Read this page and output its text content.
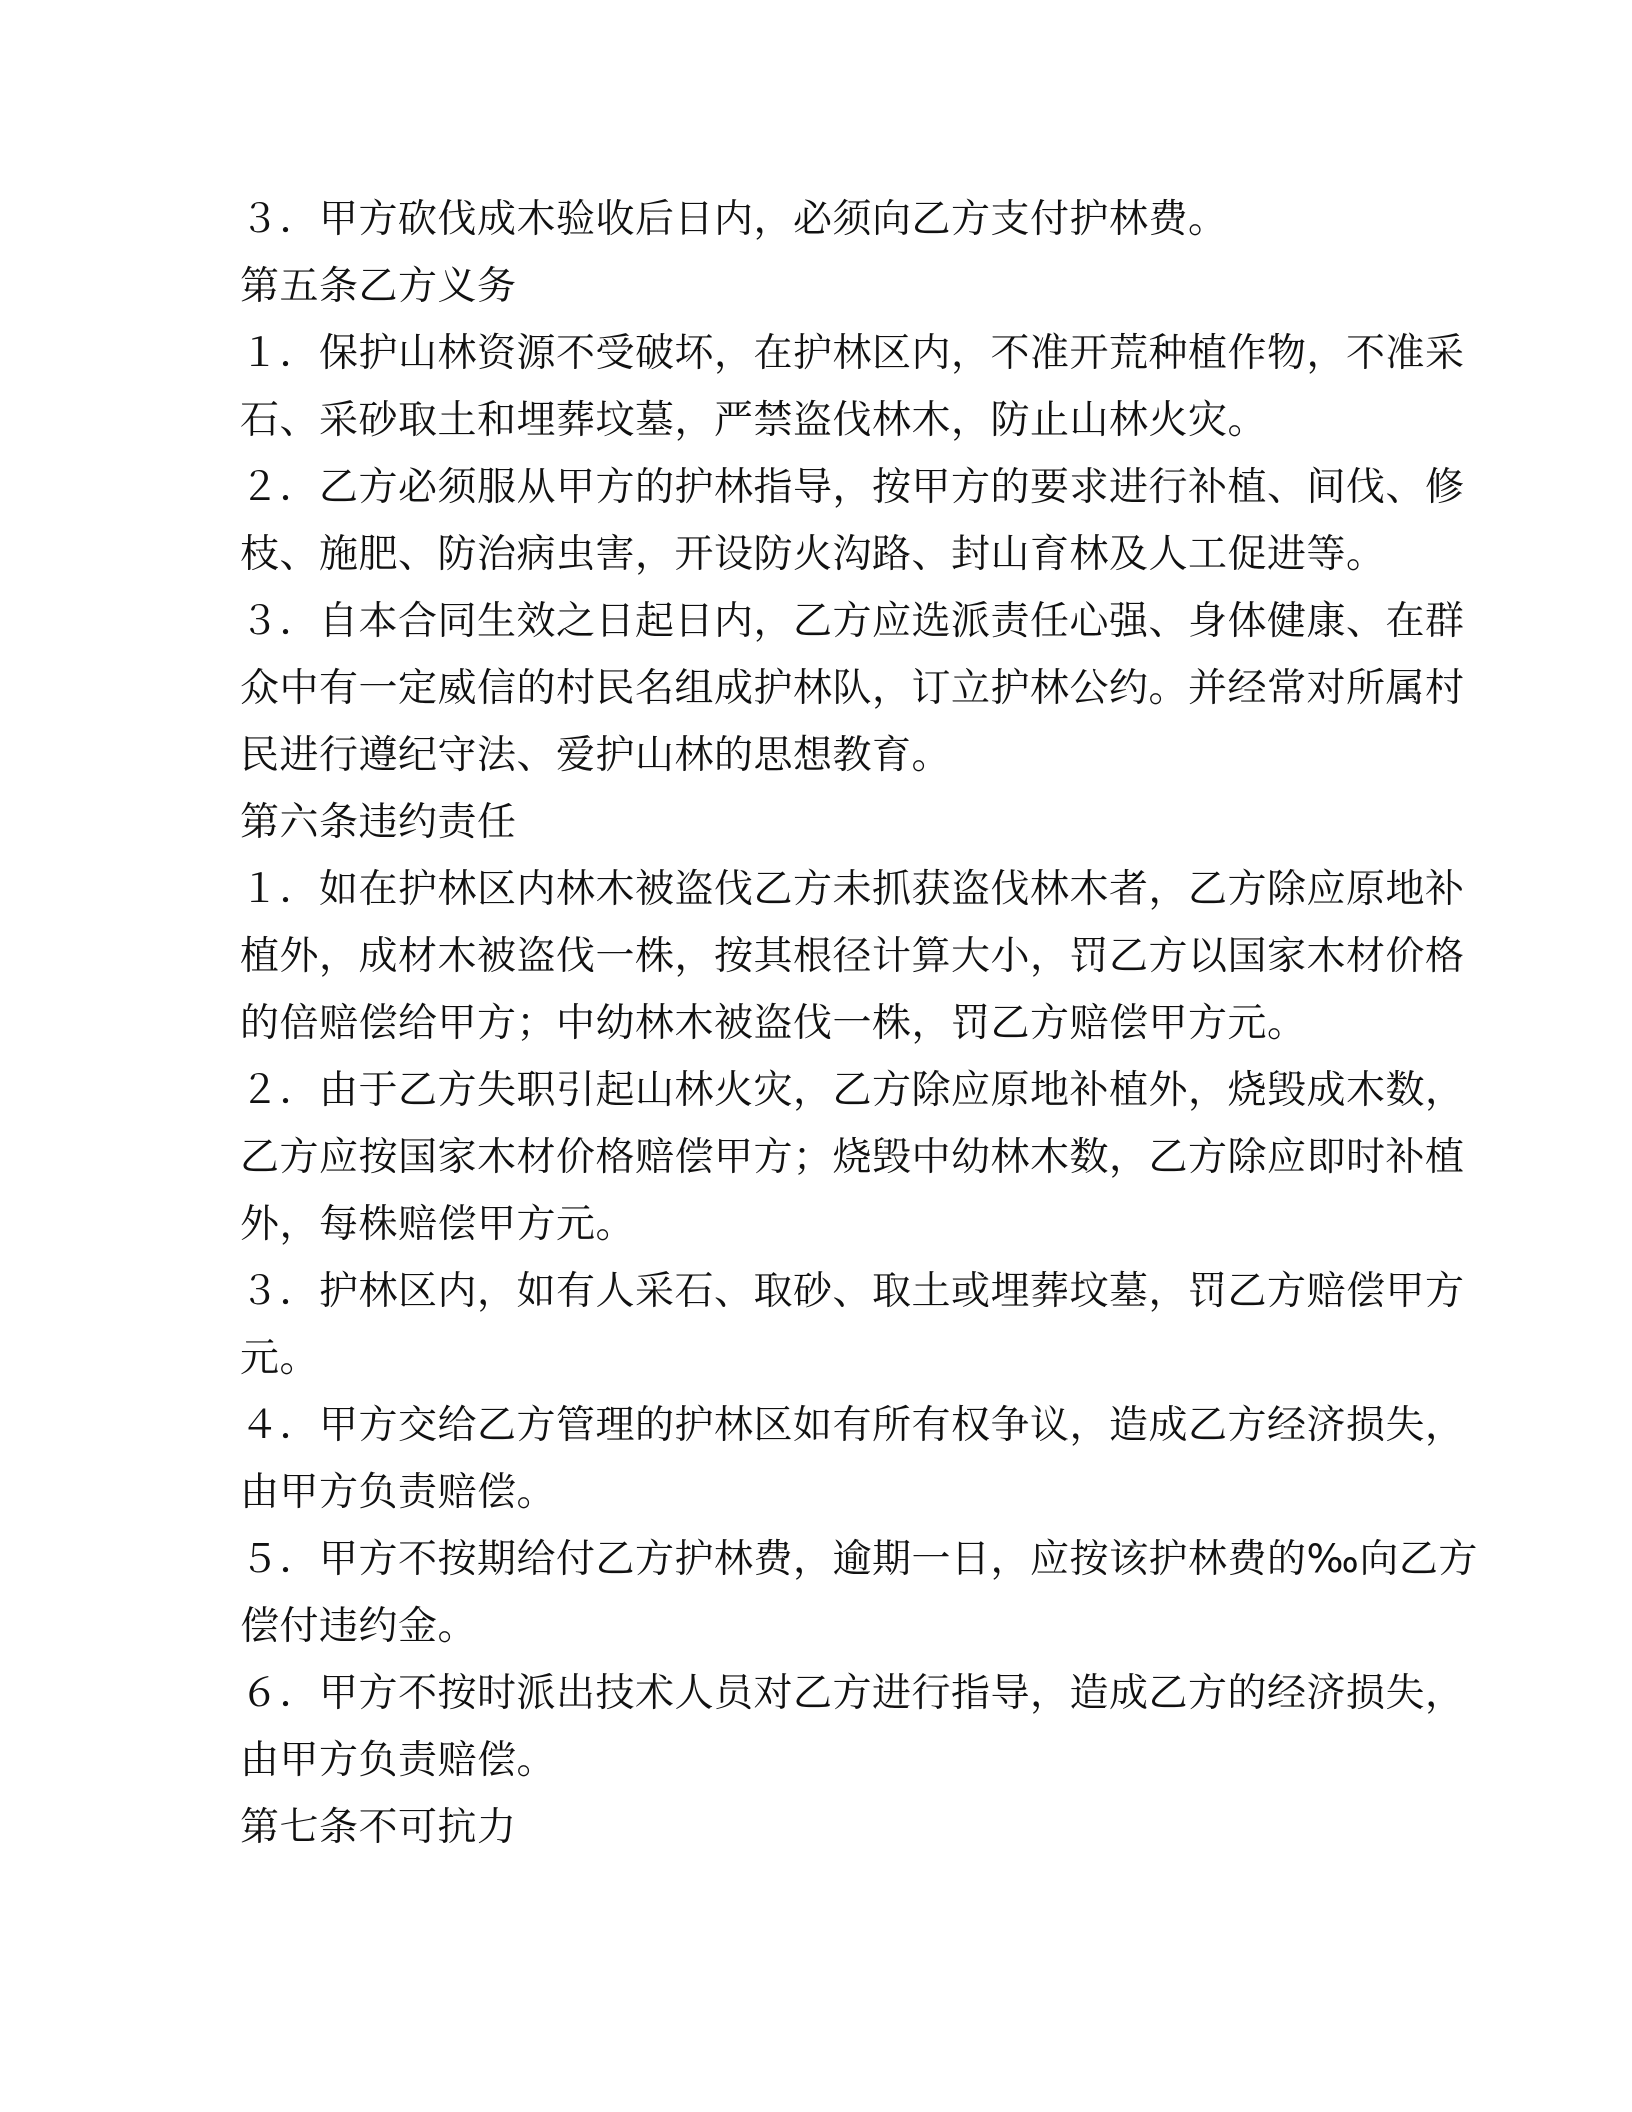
３．甲方砍伐成木验收后日内，必须向乙方支付护林费。

第五条乙方义务

１．保护山林资源不受破坏，在护林区内，不准开荒种植作物，不准采

石、采砂取土和埋葬坟墓，严禁盗伐林木，防止山林火灾。

２．乙方必须服从甲方的护林指导，按甲方的要求进行补植、间伐、修

枝、施肥、防治病虫害，开设防火沟路、封山育林及人工促进等。

３．自本合同生效之日起日内，乙方应选派责任心强、身体健康、在群

众中有一定威信的村民名组成护林队，订立护林公约。并经常对所属村

民进行遵纪守法、爱护山林的思想教育。

第六条违约责任

１．如在护林区内林木被盗伐乙方未抓获盗伐林木者，乙方除应原地补

植外，成材木被盗伐一株，按其根径计算大小，罚乙方以国家木材价格

的倍赔偿给甲方；中幼林木被盗伐一株，罚乙方赔偿甲方元。

２．由于乙方失职引起山林火灾，乙方除应原地补植外，烧毁成木数，

乙方应按国家木材价格赔偿甲方；烧毁中幼林木数，乙方除应即时补植

外，每株赔偿甲方元。

３．护林区内，如有人采石、取砂、取土或埋葬坟墓，罚乙方赔偿甲方

元。

４．甲方交给乙方管理的护林区如有所有权争议，造成乙方经济损失，

由甲方负责赔偿。

５．甲方不按期给付乙方护林费，逾期一日，应按该护林费的‰向乙方

偿付违约金。

６．甲方不按时派出技术人员对乙方进行指导，造成乙方的经济损失，

由甲方负责赔偿。

第七条不可抗力
